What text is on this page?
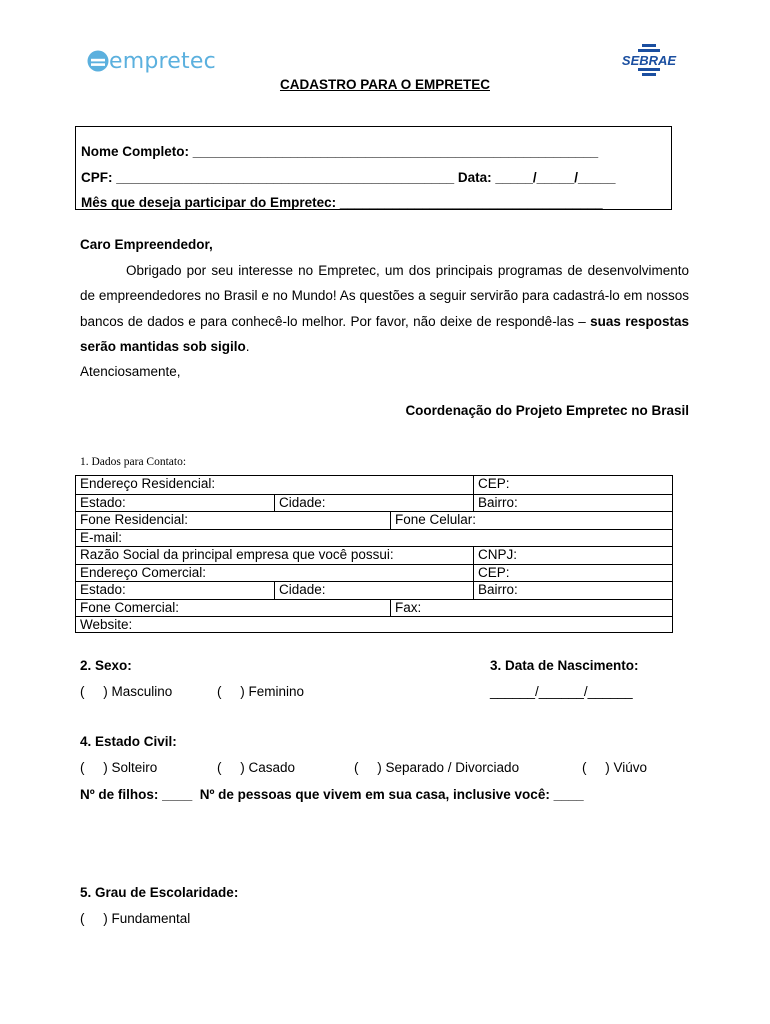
empretec	SEBRAE
CADASTRO PARA O EMPRETEC
Nome Completo: ______________________________________________________
CPF: _____________________________________________ Data: _____/_____/_____
Mês que deseja participar do Empretec: ___________________________________
Caro Empreendedor,

Obrigado por seu interesse no Empretec, um dos principais programas de desenvolvimento de empreendedores no Brasil e no Mundo! As questões a seguir servirão para cadastrá-lo em nossos bancos de dados e para conhecê-lo melhor. Por favor, não deixe de respondê-las – suas respostas serão mantidas sob sigilo.

Atenciosamente,

Coordenação do Projeto Empretec no Brasil
1. Dados para Contato:
Endereço Residencial:	CEP:
Estado:	Cidade:	Bairro:
Fone Residencial:	Fone Celular:
E-mail:
Razão Social da principal empresa que você possui:	CNPJ:
Endereço Comercial:	CEP:
Estado:	Cidade:	Bairro:
Fone Comercial:	Fax:
Website:
2. Sexo:
(     ) Masculino	(     ) Feminino
3. Data de Nascimento:
______/______/______
4. Estado Civil:
(     ) Solteiro	(     ) Casado	(     ) Separado / Divorciado	(     ) Viúvo
Nº de filhos: ____  Nº de pessoas que vivem em sua casa, inclusive você: ____
5. Grau de Escolaridade:
(     ) Fundamental
